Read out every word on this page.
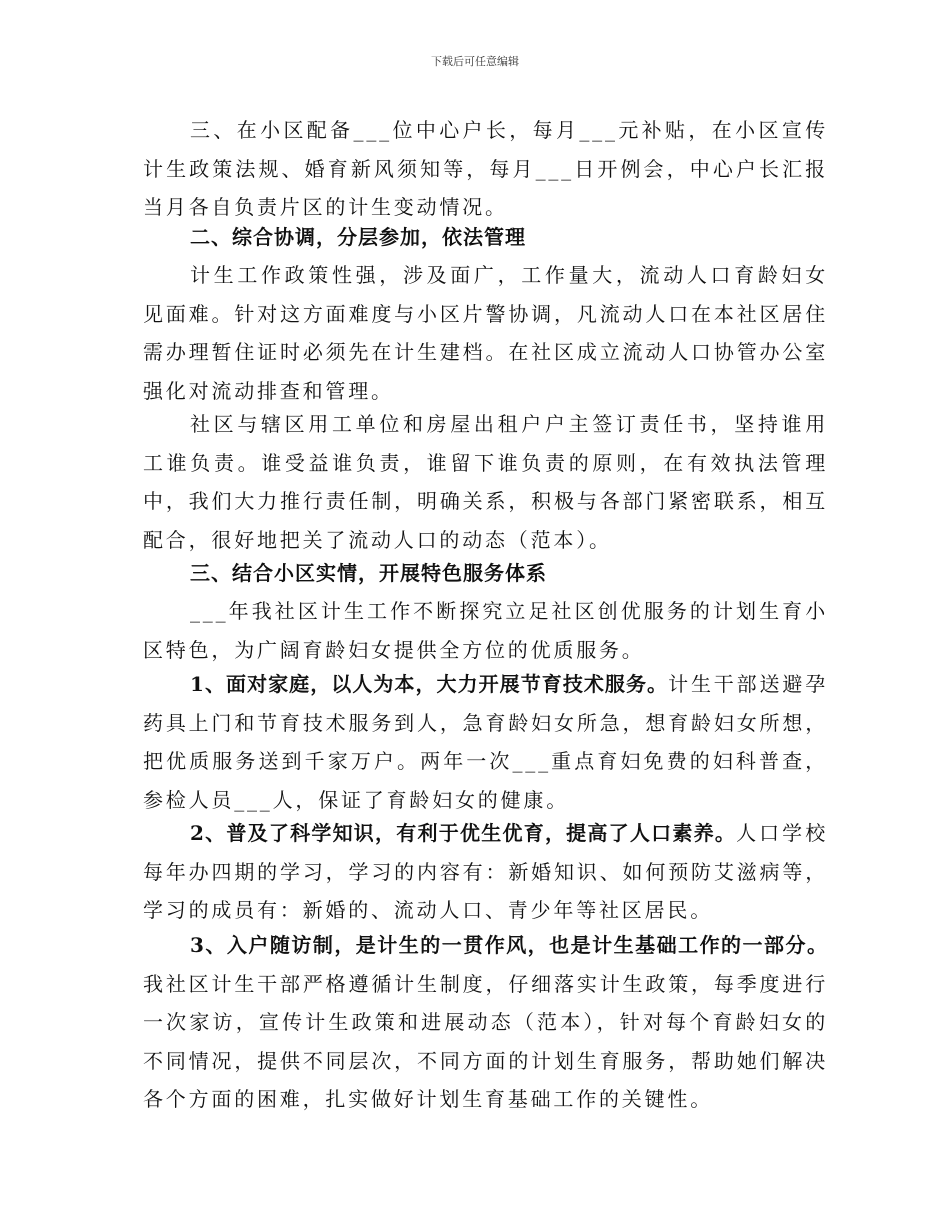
下载后可任意编辑

三、在小区配备___位中心户长，每月___元补贴，在小区宣传计生政策法规、婚育新风须知等，每月___日开例会，中心户长汇报当月各自负责片区的计生变动情况。

二、综合协调，分层参加，依法管理

计生工作政策性强，涉及面广，工作量大，流动人口育龄妇女见面难。针对这方面难度与小区片警协调，凡流动人口在本社区居住需办理暂住证时必须先在计生建档。在社区成立流动人口协管办公室强化对流动排查和管理。

社区与辖区用工单位和房屋出租户户主签订责任书，坚持谁用工谁负责。谁受益谁负责，谁留下谁负责的原则，在有效执法管理中，我们大力推行责任制，明确关系，积极与各部门紧密联系，相互配合，很好地把关了流动人口的动态（范本）。

三、结合小区实情，开展特色服务体系

___年我社区计生工作不断探究立足社区创优服务的计划生育小区特色，为广阔育龄妇女提供全方位的优质服务。

1、面对家庭，以人为本，大力开展节育技术服务。计生干部送避孕药具上门和节育技术服务到人，急育龄妇女所急，想育龄妇女所想，把优质服务送到千家万户。两年一次___重点育妇免费的妇科普查，参检人员___人，保证了育龄妇女的健康。

2、普及了科学知识，有利于优生优育，提高了人口素养。人口学校每年办四期的学习，学习的内容有：新婚知识、如何预防艾滋病等，学习的成员有：新婚的、流动人口、青少年等社区居民。

3、入户随访制，是计生的一贯作风，也是计生基础工作的一部分。我社区计生干部严格遵循计生制度，仔细落实计生政策，每季度进行一次家访，宣传计生政策和进展动态（范本），针对每个育龄妇女的不同情况，提供不同层次，不同方面的计划生育服务，帮助她们解决各个方面的困难，扎实做好计划生育基础工作的关键性。
